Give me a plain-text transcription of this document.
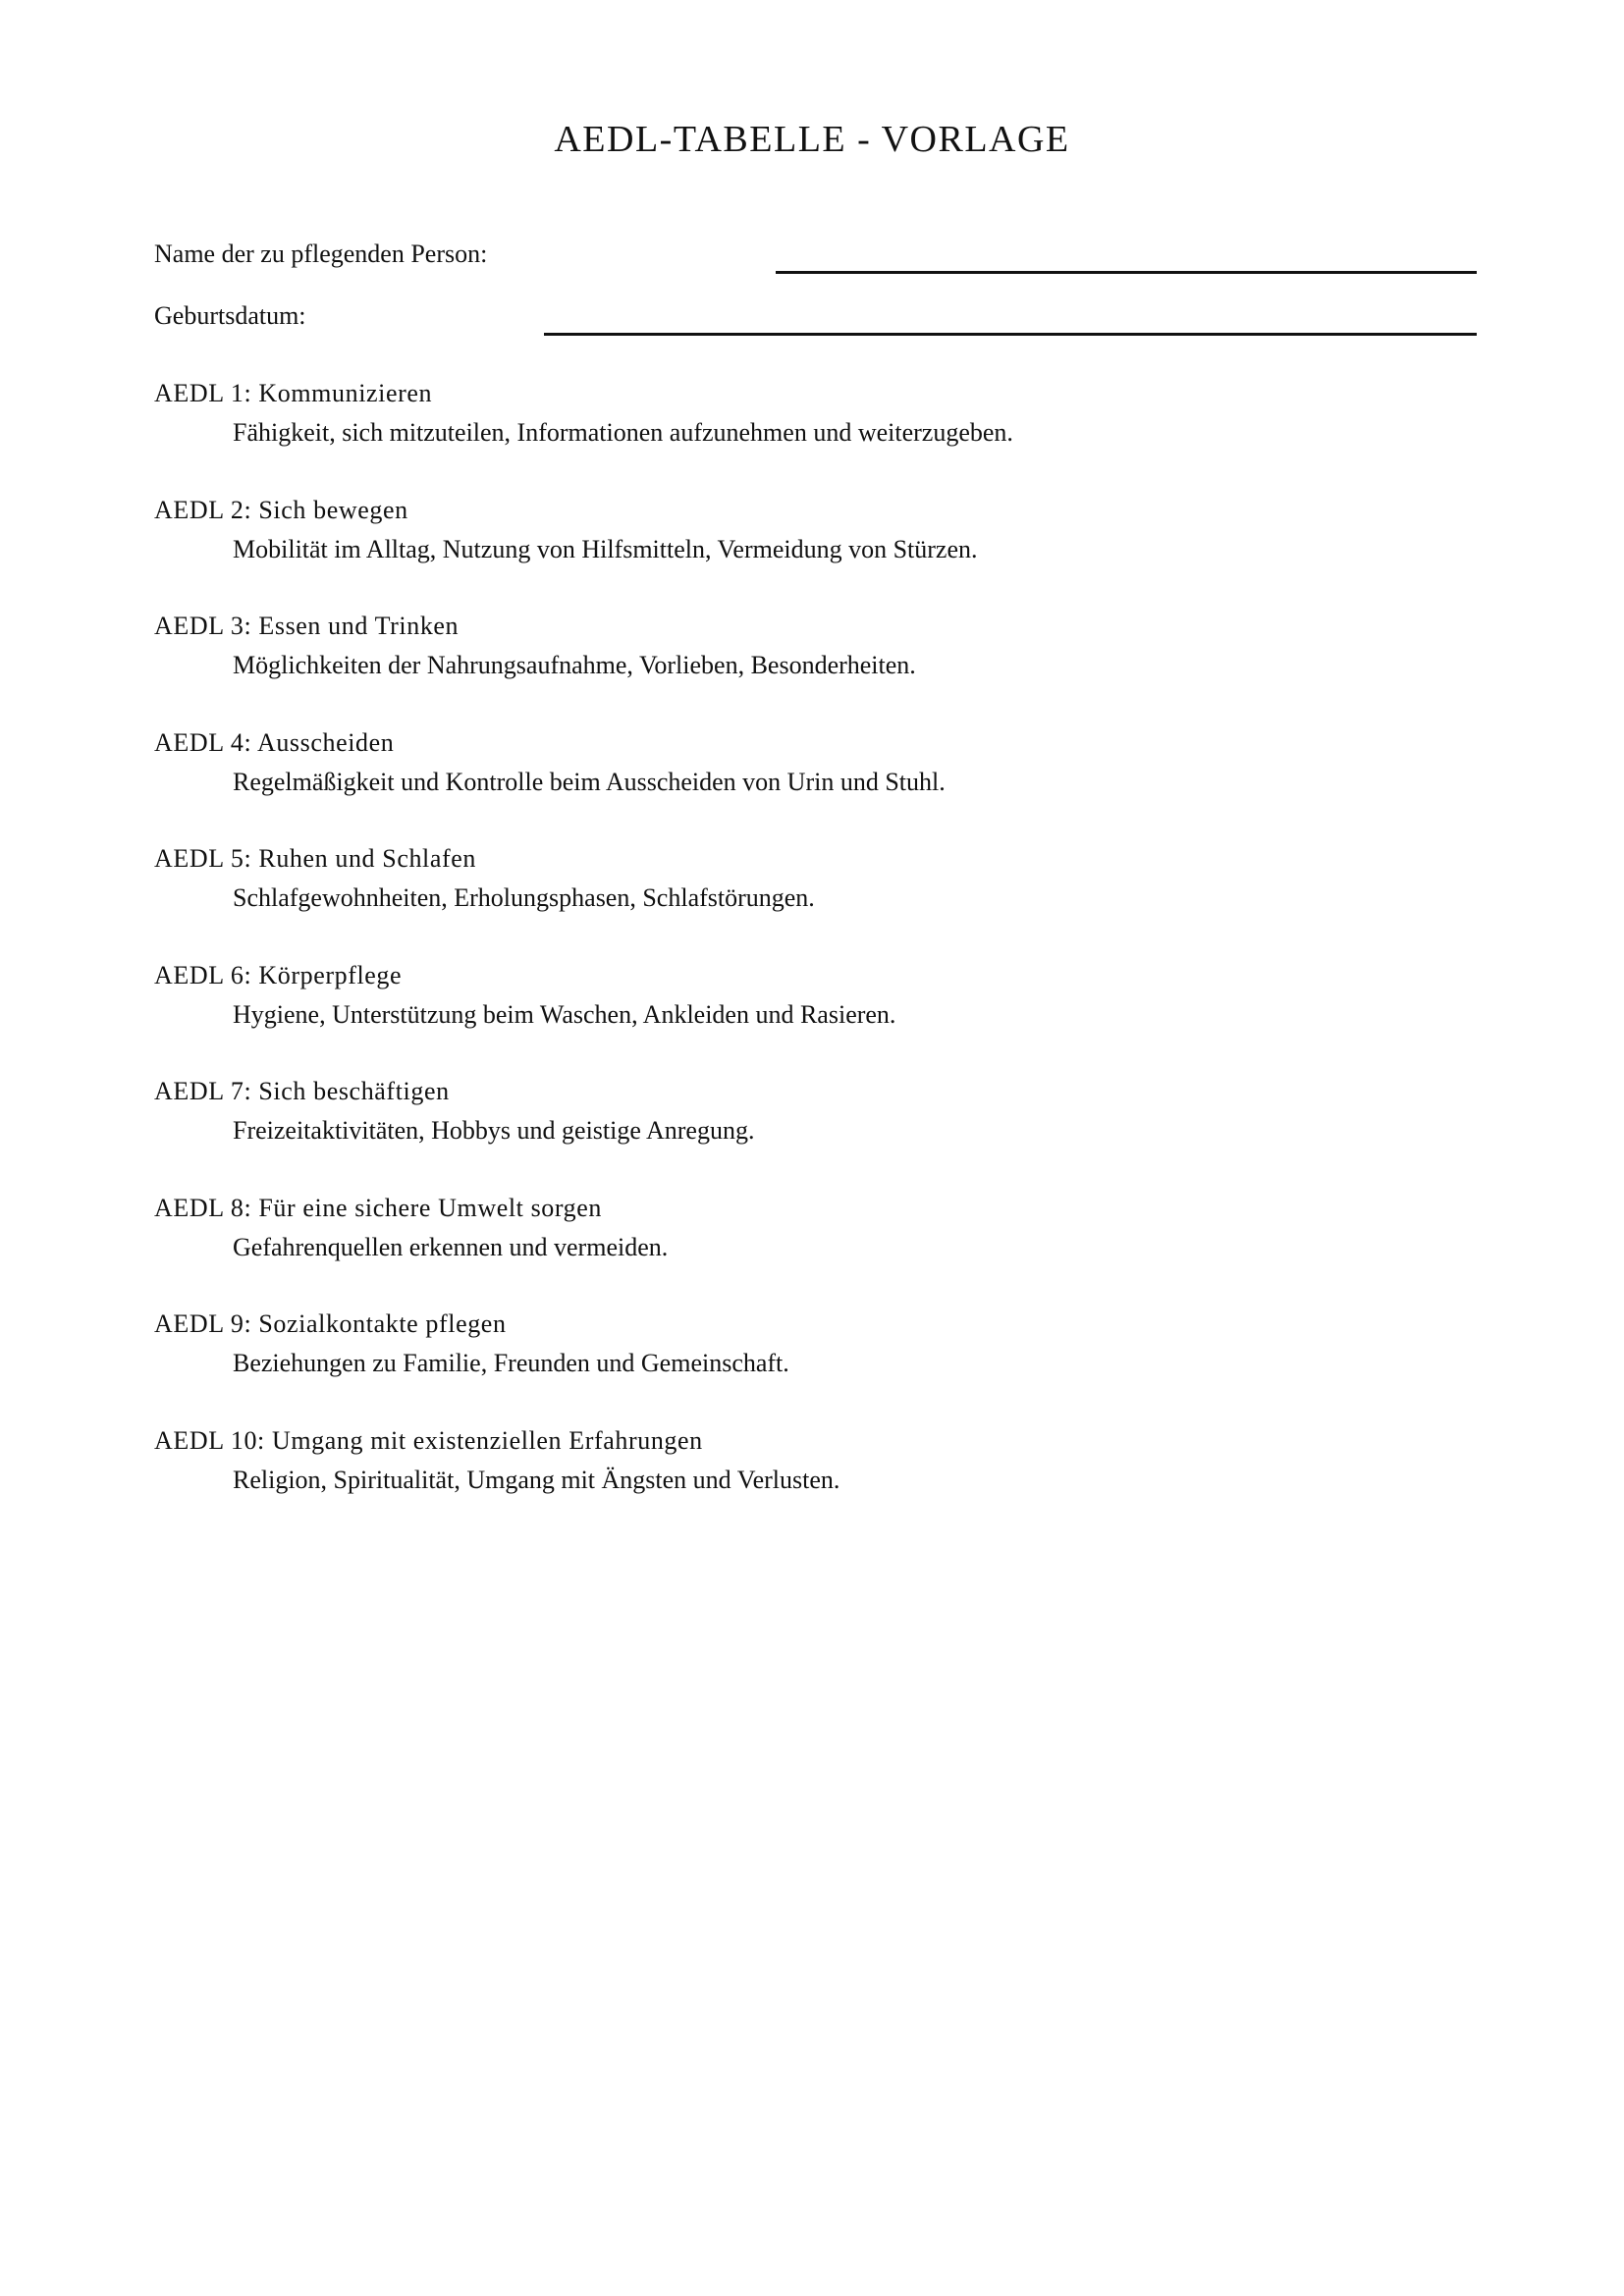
AEDL-TABELLE - VORLAGE
Name der zu pflegenden Person:
Geburtsdatum:
AEDL 1: Kommunizieren
Fähigkeit, sich mitzuteilen, Informationen aufzunehmen und weiterzugeben.
AEDL 2: Sich bewegen
Mobilität im Alltag, Nutzung von Hilfsmitteln, Vermeidung von Stürzen.
AEDL 3: Essen und Trinken
Möglichkeiten der Nahrungsaufnahme, Vorlieben, Besonderheiten.
AEDL 4: Ausscheiden
Regelmäßigkeit und Kontrolle beim Ausscheiden von Urin und Stuhl.
AEDL 5: Ruhen und Schlafen
Schlafgewohnheiten, Erholungsphasen, Schlafstörungen.
AEDL 6: Körperpflege
Hygiene, Unterstützung beim Waschen, Ankleiden und Rasieren.
AEDL 7: Sich beschäftigen
Freizeitaktivitäten, Hobbys und geistige Anregung.
AEDL 8: Für eine sichere Umwelt sorgen
Gefahrenquellen erkennen und vermeiden.
AEDL 9: Sozialkontakte pflegen
Beziehungen zu Familie, Freunden und Gemeinschaft.
AEDL 10: Umgang mit existenziellen Erfahrungen
Religion, Spiritualität, Umgang mit Ängsten und Verlusten.
